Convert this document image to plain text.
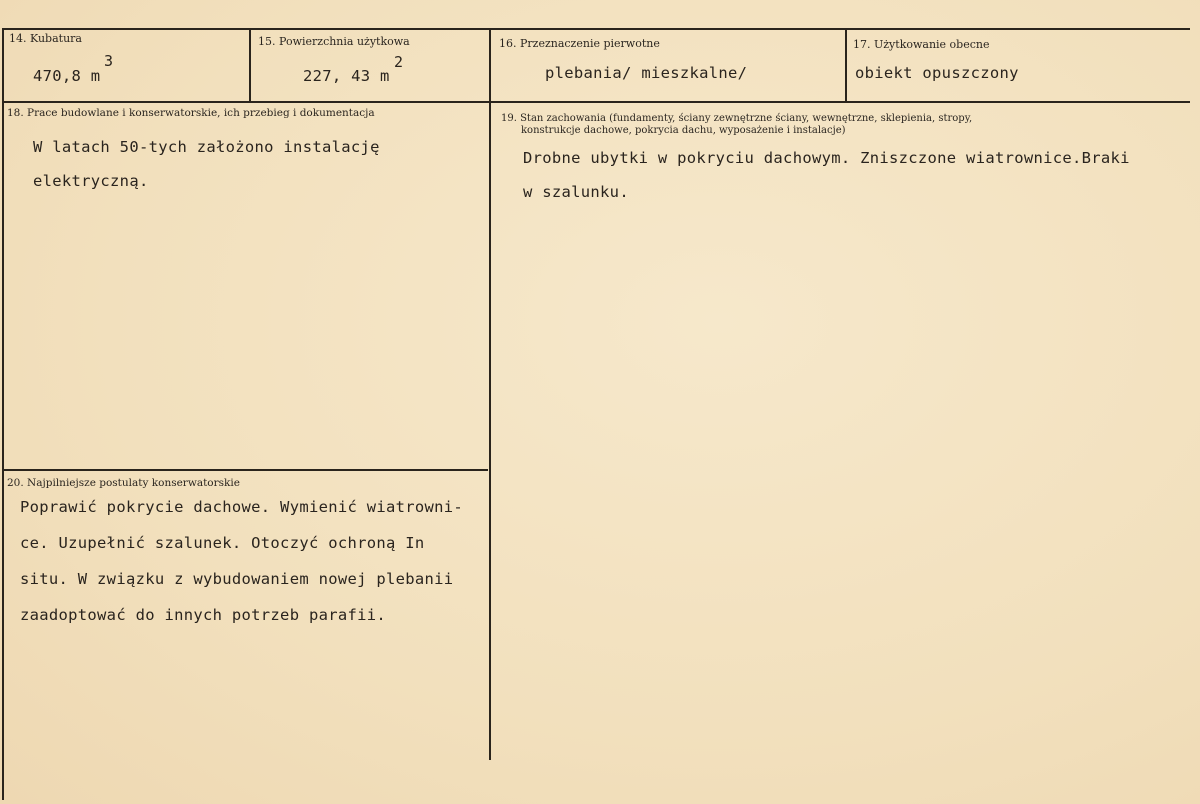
14. Kubatura
470,8 m
3
15. Powierzchnia użytkowa
227, 43 m
2
16. Przeznaczenie pierwotne
plebania/ mieszkalne/
17. Użytkowanie obecne
obiekt opuszczony
18. Prace budowlane i konserwatorskie, ich przebieg i dokumentacja

W latach 50-tych założono instalację

elektryczną.

19. Stan zachowania (fundamenty, ściany zewnętrzne ściany, wewnętrzne, sklepienia, stropy,
konstrukcje dachowe, pokrycia dachu, wyposażenie i instalacje)

Drobne ubytki w pokryciu dachowym. Zniszczone wiatrownice.Braki

w szalunku.

20. Najpilniejsze postulaty konserwatorskie

Poprawić pokrycie dachowe. Wymienić wiatrowni-

ce. Uzupełnić szalunek. Otoczyć ochroną In

situ. W związku z wybudowaniem nowej plebanii

zaadoptować do innych potrzeb parafii.
